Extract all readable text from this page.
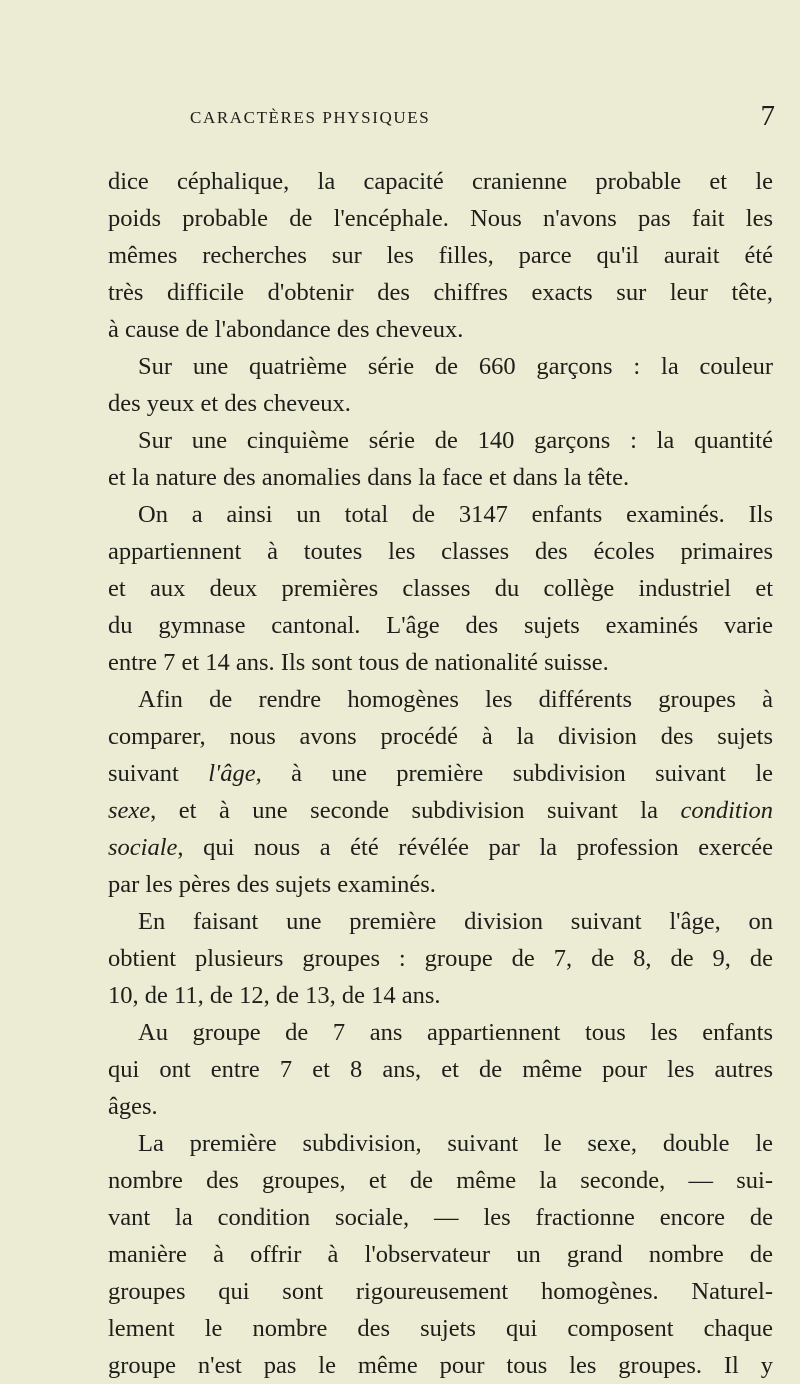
CARACTÈRES PHYSIQUES	7
dice céphalique, la capacité cranienne probable et le
poids probable de l'encéphale. Nous n'avons pas fait les
mêmes recherches sur les filles, parce qu'il aurait été
très difficile d'obtenir des chiffres exacts sur leur tête,
à cause de l'abondance des cheveux.
Sur une quatrième série de 660 garçons : la couleur
des yeux et des cheveux.
Sur une cinquième série de 140 garçons : la quantité
et la nature des anomalies dans la face et dans la tête.
On a ainsi un total de 3147 enfants examinés. Ils
appartiennent à toutes les classes des écoles primaires
et aux deux premières classes du collège industriel et
du gymnase cantonal. L'âge des sujets examinés varie
entre 7 et 14 ans. Ils sont tous de nationalité suisse.
Afin de rendre homogènes les différents groupes à
comparer, nous avons procédé à la division des sujets
suivant l'âge, à une première subdivision suivant le
sexe, et à une seconde subdivision suivant la condition
sociale, qui nous a été révélée par la profession exercée
par les pères des sujets examinés.
En faisant une première division suivant l'âge, on
obtient plusieurs groupes : groupe de 7, de 8, de 9, de
10, de 11, de 12, de 13, de 14 ans.
Au groupe de 7 ans appartiennent tous les enfants
qui ont entre 7 et 8 ans, et de même pour les autres
âges.
La première subdivision, suivant le sexe, double le
nombre des groupes, et de même la seconde, — sui-
vant la condition sociale, — les fractionne encore de
manière à offrir à l'observateur un grand nombre de
groupes qui sont rigoureusement homogènes. Naturel-
lement le nombre des sujets qui composent chaque
groupe n'est pas le même pour tous les groupes. Il y
